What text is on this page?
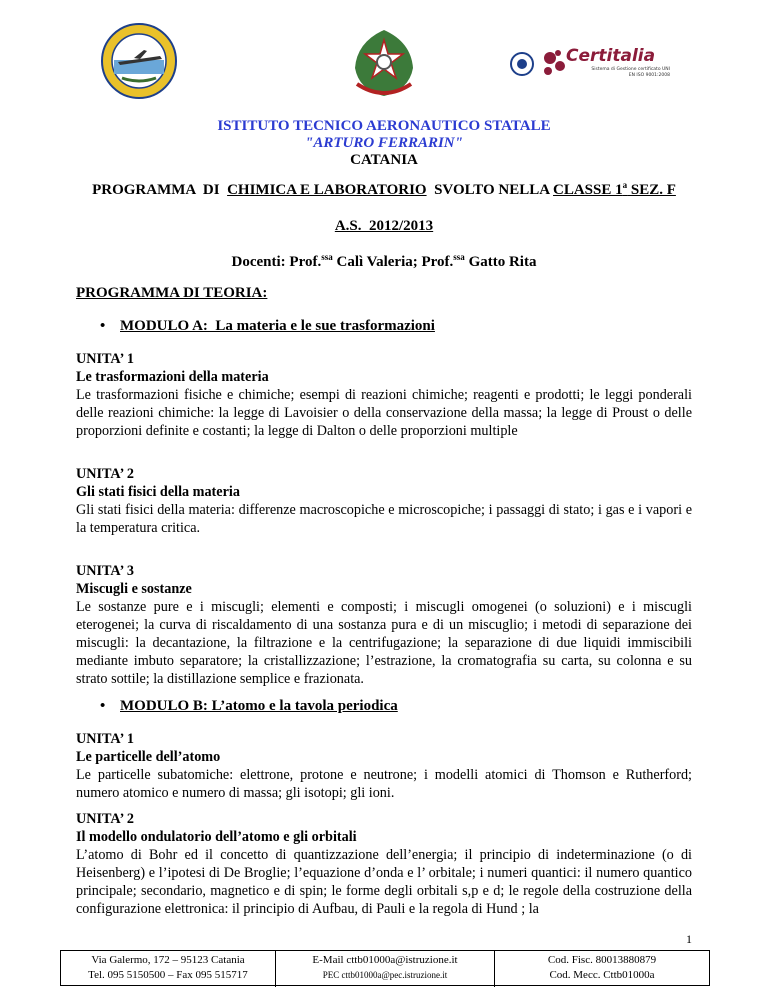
Certitalia
Sistema di Gestione certificato UNI EN ISO 9001:2008
ISTITUTO TECNICO AERONAUTICO STATALE
"ARTURO FERRARIN"
CATANIA
PROGRAMMA  DI  CHIMICA E LABORATORIO  SVOLTO NELLA CLASSE 1$^a$ SEZ. F
A.S.  2012/2013
Docenti: Prof.$^{ssa}$ Calì Valeria; Prof.$^{ssa}$ Gatto Rita
PROGRAMMA DI TEORIA:
• MODULO A:  La materia e le sue trasformazioni
UNITA’ 1
Le trasformazioni della materia
Le trasformazioni fisiche e chimiche; esempi di reazioni chimiche; reagenti e prodotti; le leggi ponderali delle reazioni chimiche: la legge di Lavoisier o della conservazione della massa; la legge di Proust o delle proporzioni definite e costanti; la legge di Dalton o delle proporzioni multiple
UNITA’ 2
Gli stati fisici della materia
Gli stati fisici della materia: differenze macroscopiche e microscopiche; i passaggi di stato; i gas e i vapori e la temperatura critica.
UNITA’ 3
Miscugli e sostanze
Le sostanze pure e i miscugli; elementi e composti; i miscugli omogenei (o soluzioni) e i miscugli eterogenei; la curva di riscaldamento di una sostanza pura e di un miscuglio; i metodi di separazione dei miscugli: la decantazione, la filtrazione e la centrifugazione; la separazione di due liquidi immiscibili mediante imbuto separatore; la cristallizzazione; l’estrazione, la cromatografia su carta, su colonna e su strato sottile; la distillazione semplice e frazionata.
• MODULO B: L’atomo e la tavola periodica
UNITA’ 1
Le particelle dell’atomo
Le particelle subatomiche: elettrone, protone e neutrone; i modelli atomici di Thomson e Rutherford; numero atomico e numero di massa; gli isotopi; gli ioni.
UNITA’ 2
Il modello ondulatorio dell’atomo e gli orbitali
L’atomo di Bohr ed il concetto di quantizzazione dell’energia; il principio di indeterminazione (o di Heisenberg) e l’ipotesi di De Broglie; l’equazione d’onda e l’ orbitale; i numeri quantici: il numero quantico principale; secondario, magnetico e di spin; le forme degli orbitali s,p e d; le regole della costruzione della configurazione elettronica: il principio di Aufbau, di Pauli e la regola di Hund ; la
1
Via Galermo, 172 – 95123 Catania
Tel. 095 5150500 – Fax 095 515717
E-Mail cttb01000a@istruzione.it
PEC cttb01000a@pec.istruzione.it
Cod. Fisc. 80013880879
Cod. Mecc. Cttb01000a
